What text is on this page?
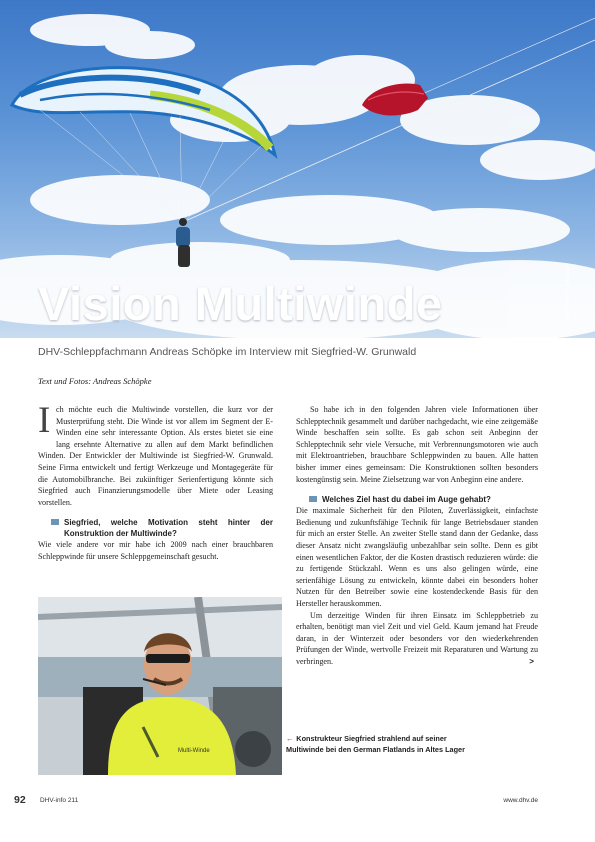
Vision Multiwinde	■ BJÖRN KLAASSEN
DHV-Schleppfachmann Andreas Schöpke im Interview mit Siegfried-W. Grunwald
Text und Fotos: Andreas Schöpke

Ich möchte euch die Multiwinde vorstellen, die kurz vor der Musterprüfung steht. Die Winde ist vor allem im Segment der E-Winden eine sehr interessante Option. Als erstes bietet sie eine lang ersehnte Alternative zu allen auf dem Markt befindlichen Winden. Der Entwickler der Multiwinde ist Siegfried-W. Grunwald. Seine Firma entwickelt und fertigt Werkzeuge und Montagegeräte für die Automobilbranche. Bei zukünftiger Serienfertigung könnte sich Siegfried auch Finanzierungsmodelle über Miete oder Leasing vorstellen.

Siegfried, welche Motivation steht hinter der Konstruktion der Multiwinde?

Wie viele andere vor mir habe ich 2009 nach einer brauchbaren Schleppwinde für unsere Schleppgemeinschaft gesucht.

So habe ich in den folgenden Jahren viele Informationen über Schlepptechnik gesammelt und darüber nachgedacht, wie eine zeitgemäße Winde beschaffen sein sollte. Es gab schon seit Anbeginn der Schlepptechnik sehr viele Versuche, mit Verbrennungsmotoren wie auch mit Elektroantrieben, brauchbare Schleppwinden zu bauen. Alle hatten bisher immer eines gemeinsam: Die Konstruktionen sollten besonders kostengünstig sein. Meine Zielsetzung war von Anbeginn eine andere.

Welches Ziel hast du dabei im Auge gehabt?

Die maximale Sicherheit für den Piloten, Zuverlässigkeit, einfachste Bedienung und zukunftsfähige Technik für lange Betriebsdauer standen für mich an erster Stelle. An zweiter Stelle stand dann der Gedanke, dass dieser Ansatz nicht zwangsläufig unbezahlbar sein sollte. Denn es gibt einen wesentlichen Faktor, der die Kosten drastisch reduzieren würde: die zu fertigende Stückzahl. Wenn es uns also gelingen würde, eine serienfähige Lösung zu entwickeln, könnte dabei ein besonders hoher Nutzen für den Betreiber sowie eine kostendeckende Basis für den Hersteller herauskommen.

Um derzeitige Winden für ihren Einsatz im Schleppbetrieb zu erhalten, benötigt man viel Zeit und viel Geld. Kaum jemand hat Freude daran, in der Winterzeit oder besonders vor den wiederkehrenden Prüfungen der Winde, wertvolle Freizeit mit Reparaturen und Wartung zu verbringen.	>

Multi-Winde
← Konstrukteur Siegfried strahlend auf seiner
Multiwinde bei den German Flatlands in Altes Lager
92 DHV-info 211	www.dhv.de
